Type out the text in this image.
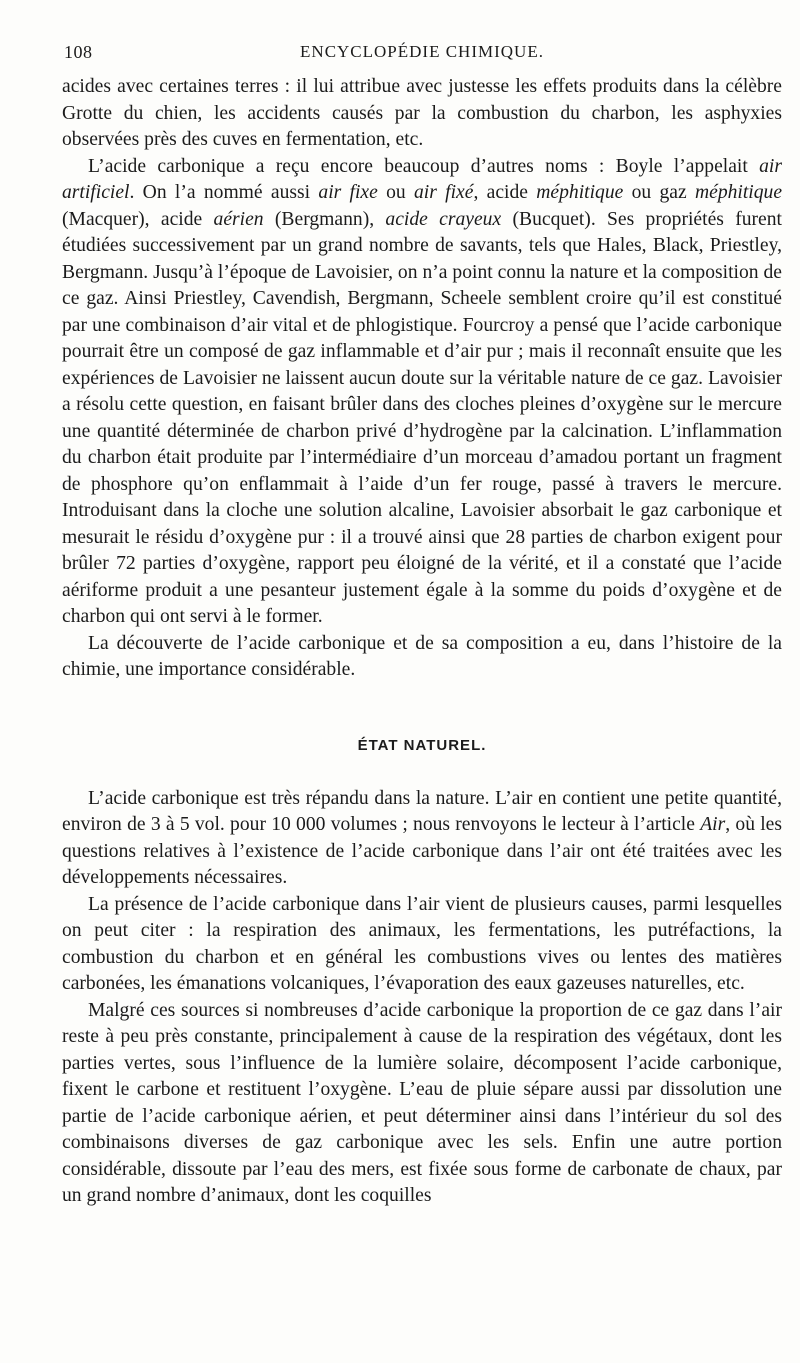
108	ENCYCLOPÉDIE CHIMIQUE.

acides avec certaines terres : il lui attribue avec justesse les effets produits dans la célèbre Grotte du chien, les accidents causés par la combustion du charbon, les asphyxies observées près des cuves en fermentation, etc.

L’acide carbonique a reçu encore beaucoup d’autres noms : Boyle l’appelait air artificiel. On l’a nommé aussi air fixe ou air fixé, acide méphitique ou gaz méphitique (Macquer), acide aérien (Bergmann), acide crayeux (Bucquet). Ses propriétés furent étudiées successivement par un grand nombre de savants, tels que Hales, Black, Priestley, Bergmann. Jusqu’à l’époque de Lavoisier, on n’a point connu la nature et la composition de ce gaz. Ainsi Priestley, Cavendish, Bergmann, Scheele semblent croire qu’il est constitué par une combinaison d’air vital et de phlogistique. Fourcroy a pensé que l’acide carbonique pourrait être un composé de gaz inflammable et d’air pur ; mais il reconnaît ensuite que les expériences de Lavoisier ne laissent aucun doute sur la véritable nature de ce gaz. Lavoisier a résolu cette question, en faisant brûler dans des cloches pleines d’oxygène sur le mercure une quantité déterminée de charbon privé d’hydrogène par la calcination. L’inflammation du charbon était produite par l’intermédiaire d’un morceau d’amadou portant un fragment de phosphore qu’on enflammait à l’aide d’un fer rouge, passé à travers le mercure. Introduisant dans la cloche une solution alcaline, Lavoisier absorbait le gaz carbonique et mesurait le résidu d’oxygène pur : il a trouvé ainsi que 28 parties de charbon exigent pour brûler 72 parties d’oxygène, rapport peu éloigné de la vérité, et il a constaté que l’acide aériforme produit a une pesanteur justement égale à la somme du poids d’oxygène et de charbon qui ont servi à le former.

La découverte de l’acide carbonique et de sa composition a eu, dans l’histoire de la chimie, une importance considérable.

ÉTAT NATUREL.

L’acide carbonique est très répandu dans la nature. L’air en contient une petite quantité, environ de 3 à 5 vol. pour 10 000 volumes ; nous renvoyons le lecteur à l’article Air, où les questions relatives à l’existence de l’acide carbonique dans l’air ont été traitées avec les développements nécessaires.

La présence de l’acide carbonique dans l’air vient de plusieurs causes, parmi lesquelles on peut citer : la respiration des animaux, les fermentations, les putréfactions, la combustion du charbon et en général les combustions vives ou lentes des matières carbonées, les émanations volcaniques, l’évaporation des eaux gazeuses naturelles, etc.

Malgré ces sources si nombreuses d’acide carbonique la proportion de ce gaz dans l’air reste à peu près constante, principalement à cause de la respiration des végétaux, dont les parties vertes, sous l’influence de la lumière solaire, décomposent l’acide carbonique, fixent le carbone et restituent l’oxygène. L’eau de pluie sépare aussi par dissolution une partie de l’acide carbonique aérien, et peut déterminer ainsi dans l’intérieur du sol des combinaisons diverses de gaz carbonique avec les sels. Enfin une autre portion considérable, dissoute par l’eau des mers, est fixée sous forme de carbonate de chaux, par un grand nombre d’animaux, dont les coquilles
